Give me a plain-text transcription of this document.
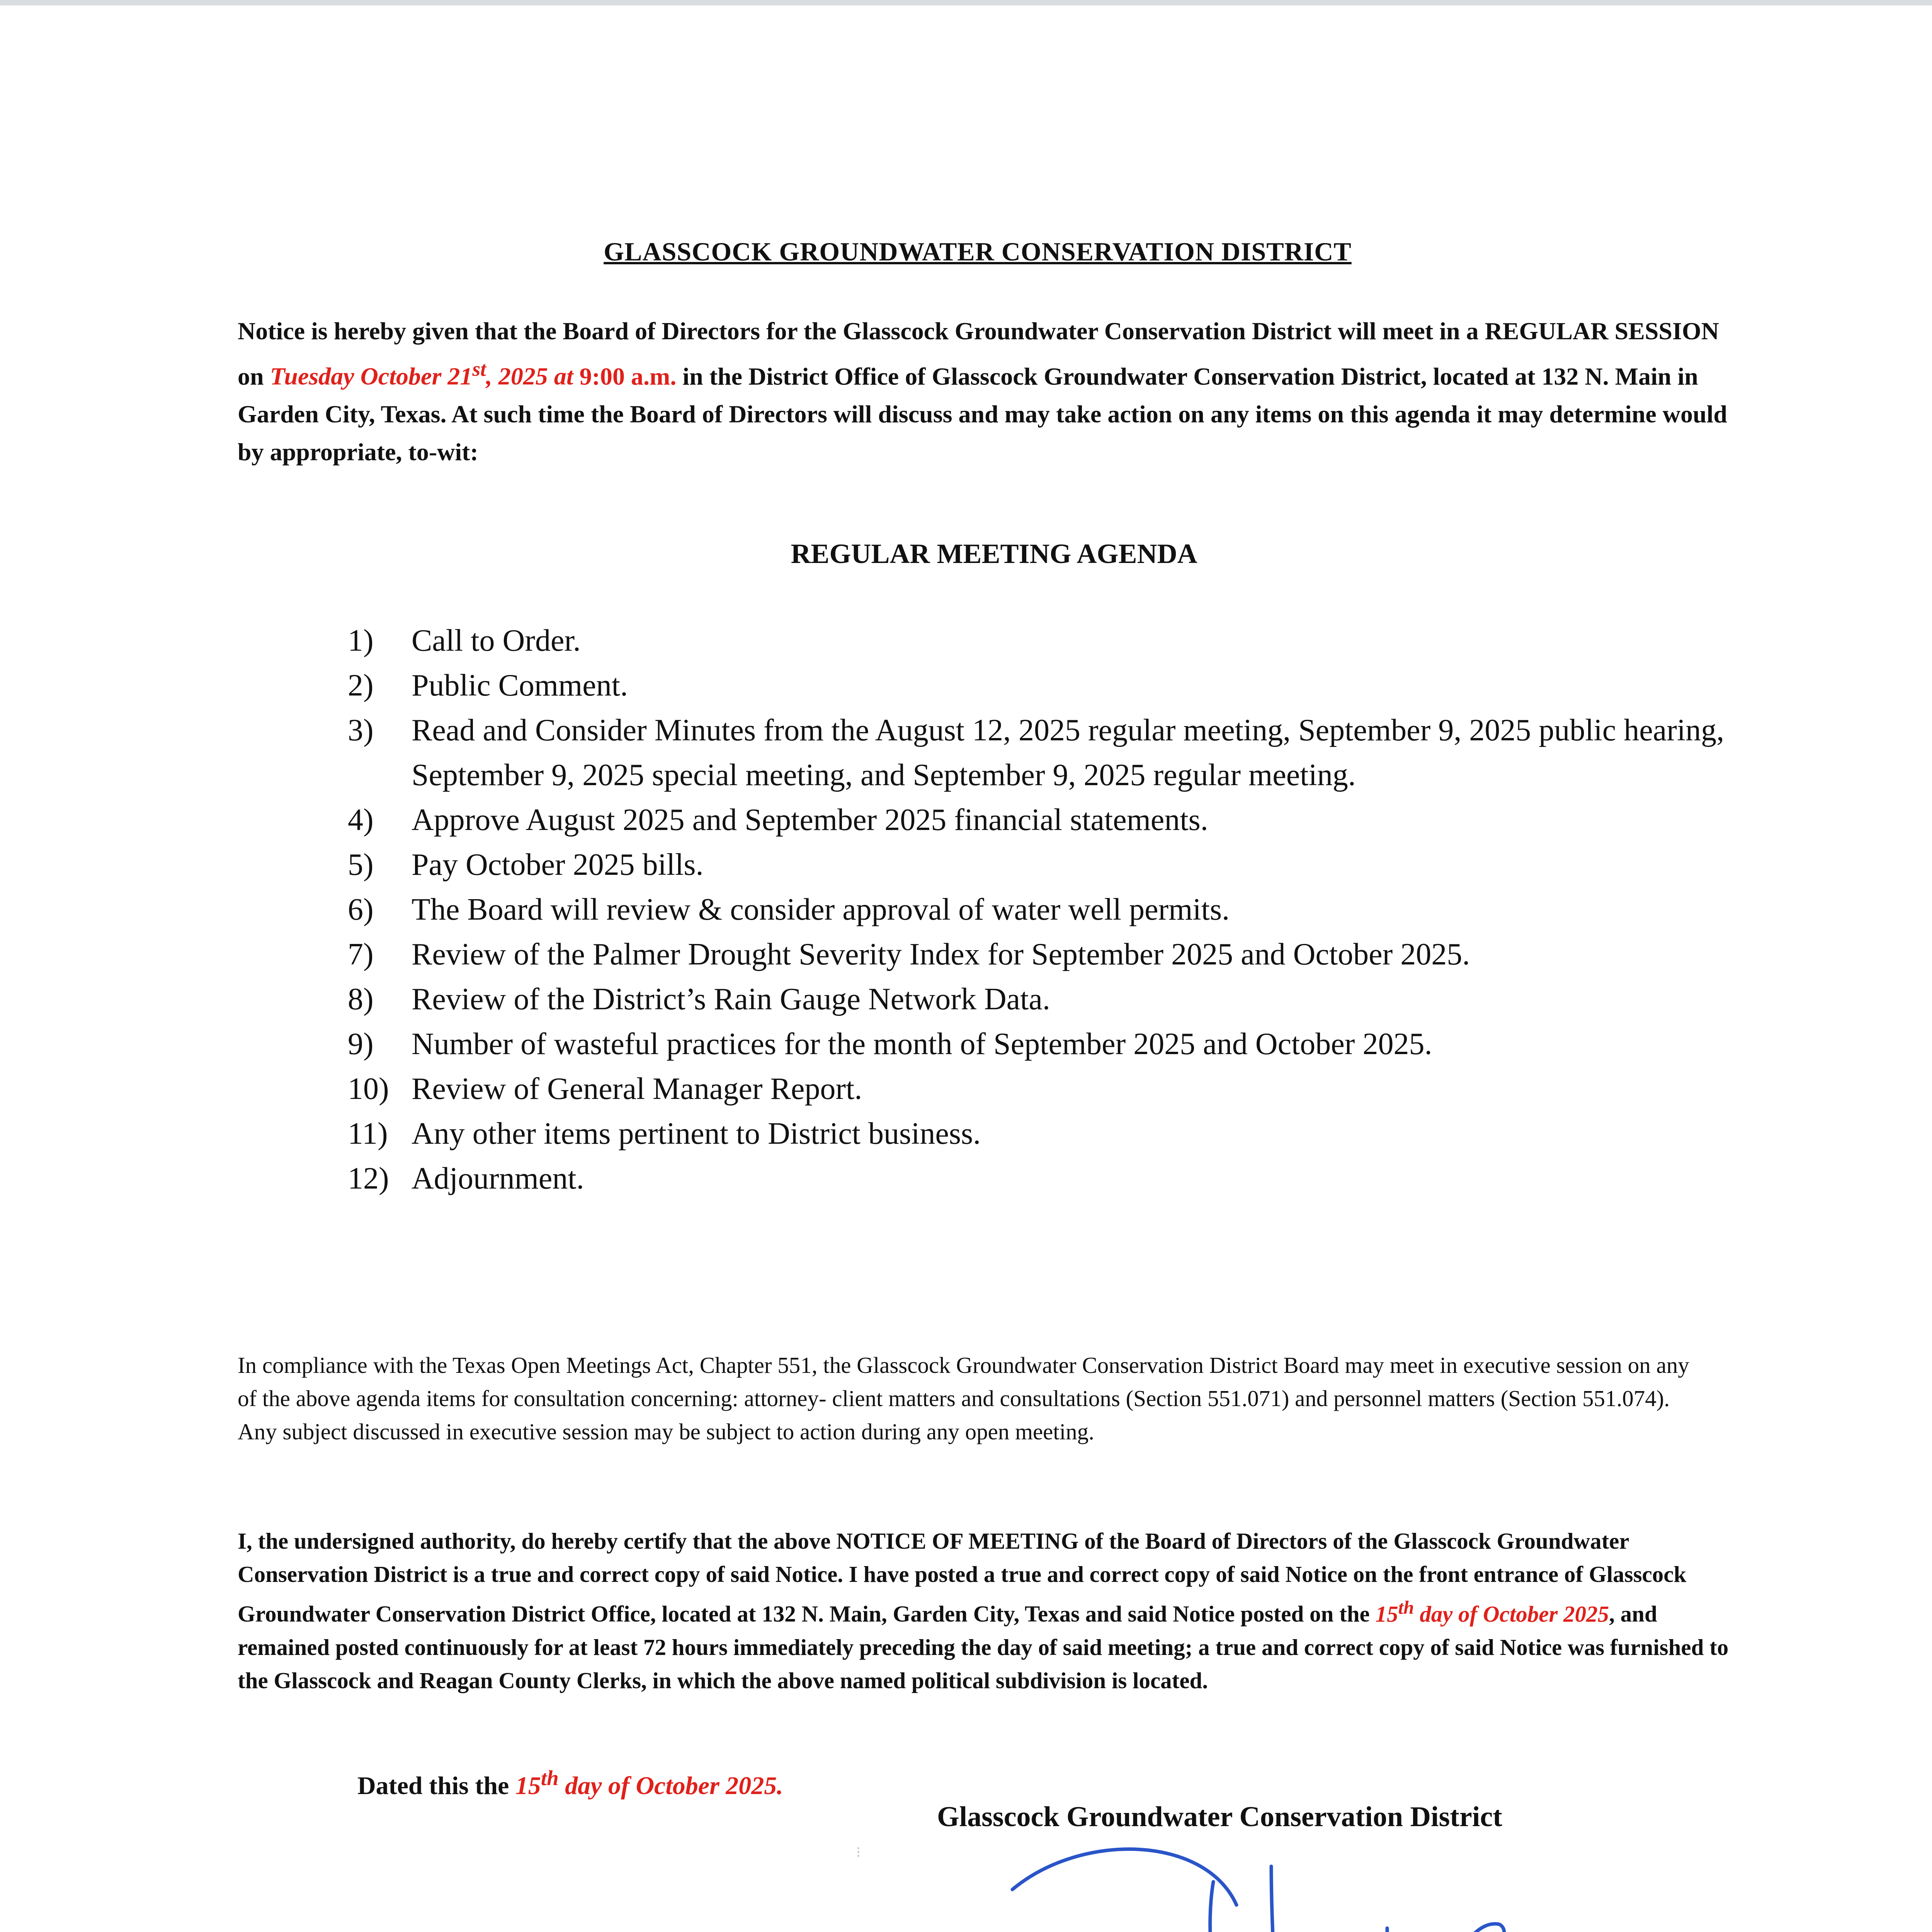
GLASSCOCK GROUNDWATER CONSERVATION DISTRICT
Notice is hereby given that the Board of Directors for the Glasscock Groundwater Conservation District will meet in a REGULAR SESSION on Tuesday October 21st, 2025 at 9:00 a.m. in the District Office of Glasscock Groundwater Conservation District, located at 132 N. Main in Garden City, Texas. At such time the Board of Directors will discuss and may take action on any items on this agenda it may determine would by appropriate, to-wit:
REGULAR MEETING AGENDA
1)	Call to Order.
2)	Public Comment.
3)	Read and Consider Minutes from the August 12, 2025 regular meeting, September 9, 2025 public hearing, September 9, 2025 special meeting, and September 9, 2025 regular meeting.
4)	Approve August 2025 and September 2025 financial statements.
5)	Pay October 2025 bills.
6)	The Board will review & consider approval of water well permits.
7)	Review of the Palmer Drought Severity Index for September 2025 and October 2025.
8)	Review of the District’s Rain Gauge Network Data.
9)	Number of wasteful practices for the month of September 2025 and October 2025.
10) Review of General Manager Report.
11) Any other items pertinent to District business.
12) Adjournment.
In compliance with the Texas Open Meetings Act, Chapter 551, the Glasscock Groundwater Conservation District Board may meet in executive session on any of the above agenda items for consultation concerning: attorney- client matters and consultations (Section 551.071) and personnel matters (Section 551.074). Any subject discussed in executive session may be subject to action during any open meeting.
I, the undersigned authority, do hereby certify that the above NOTICE OF MEETING of the Board of Directors of the Glasscock Groundwater Conservation District is a true and correct copy of said Notice. I have posted a true and correct copy of said Notice on the front entrance of Glasscock Groundwater Conservation District Office, located at 132 N. Main, Garden City, Texas and said Notice posted on the 15th day of October 2025, and remained posted continuously for at least 72 hours immediately preceding the day of said meeting; a true and correct copy of said Notice was furnished to the Glasscock and Reagan County Clerks, in which the above named political subdivision is located.
Dated this the 15th day of October 2025.
⁝
Glasscock Groundwater Conservation District
